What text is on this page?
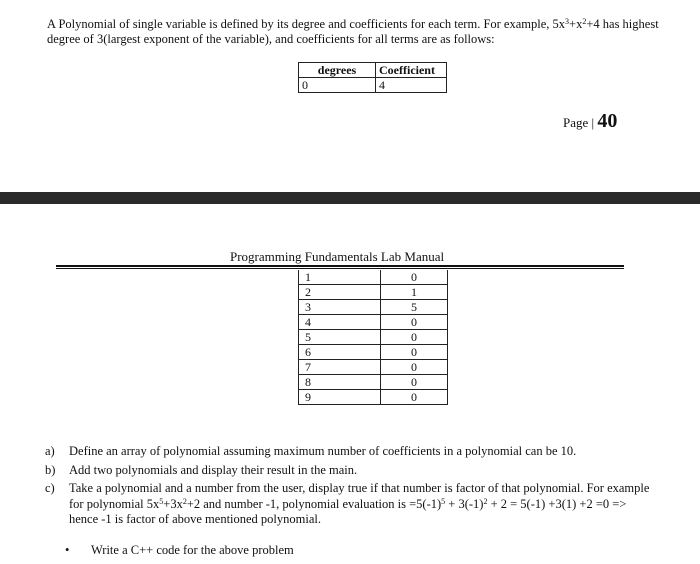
A Polynomial of single variable is defined by its degree and coefficients for each term. For example, $5x^3+x^2+4$ has highest degree of 3(largest exponent of the variable), and coefficients for all terms are as follows:
degrees	Coefficient
0	4
Page | 40
Programming Fundamentals Lab Manual
1	0
2	1
3	5
4	0
5	0
6	0
7	0
8	0
9	0
a)	Define an array of polynomial assuming maximum number of coefficients in a polynomial can be 10.
b)	Add two polynomials and display their result in the main.
c)	Take a polynomial and a number from the user, display true if that number is factor of that polynomial. For example for polynomial $5x^5+3x^2+2$ and number -1, polynomial evaluation is $=5(-1)^5 + 3(-1)^2 + 2 = 5(-1) +3(1) +2 =0$ => hence -1 is factor of above mentioned polynomial.
•	Write a C++ code for the above problem
